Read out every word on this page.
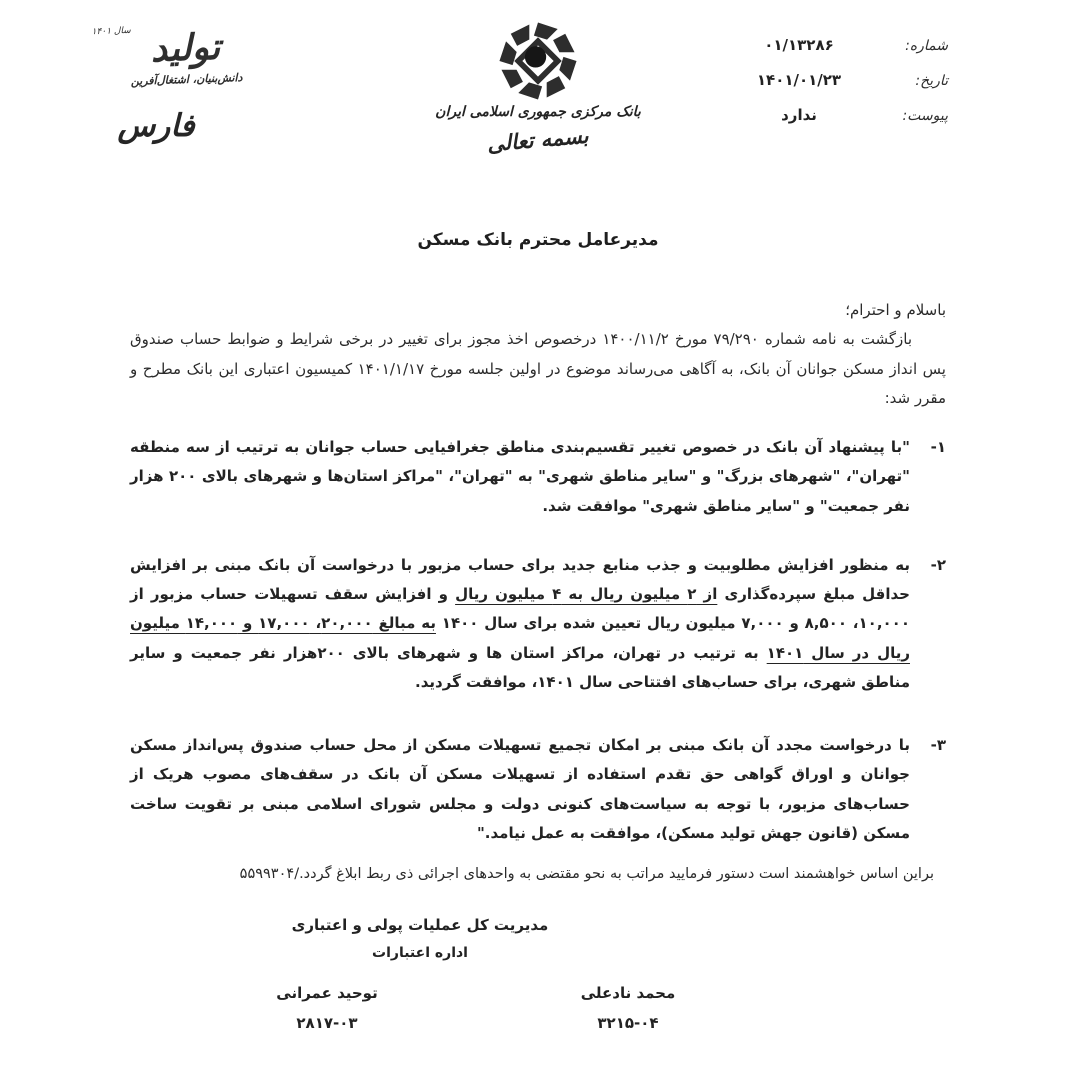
شماره:
۰۱/۱۳۲۸۶
تاریخ:
۱۴۰۱/۰۱/۲۳
پیوست:
ندارد
بانک مرکزی جمهوری اسلامی ایران
بسمه تعالی
سال ۱۴۰۱ تولید
دانش‌بنیان، اشتغال‌آفرین
فارس
مدیرعامل محترم بانک مسکن

باسلام و احترام؛

بازگشت به نامه شماره ۷۹/۲۹۰ مورخ ۱۴۰۰/۱۱/۲ درخصوص اخذ مجوز برای تغییر در برخی شرایط و ضوابط حساب صندوق پس انداز مسکن جوانان آن بانک، به آگاهی می‌رساند موضوع در اولین جلسه مورخ ۱۴۰۱/۱/۱۷ کمیسیون اعتباری این بانک مطرح و مقرر شد:

۱-
"با پیشنهاد آن بانک در خصوص تغییر تقسیم‌بندی مناطق جغرافیایی حساب جوانان به ترتیب از سه منطقه "تهران"، "شهرهای بزرگ" و "سایر مناطق شهری" به "تهران"، "مراکز استان‌ها و شهرهای بالای ۲۰۰ هزار نفر جمعیت" و "سایر مناطق شهری" موافقت شد.
۲-
به منظور افزایش مطلوبیت و جذب منابع جدید برای حساب مزبور با درخواست آن بانک مبنی بر افزایش حداقل مبلغ سپرده‌گذاری از ۲ میلیون ریال به ۴ میلیون ریال و افزایش سقف تسهیلات حساب مزبور از ۱۰,۰۰۰، ۸,۵۰۰ و ۷,۰۰۰ میلیون ریال تعیین شده برای سال ۱۴۰۰ به مبالغ ۲۰,۰۰۰، ۱۷,۰۰۰ و ۱۴,۰۰۰ میلیون ریال در سال ۱۴۰۱ به ترتیب در تهران، مراکز استان ها و شهرهای بالای ۲۰۰هزار نفر جمعیت و سایر مناطق شهری، برای حساب‌های افتتاحی سال ۱۴۰۱، موافقت گردید.
۳-
با درخواست مجدد آن بانک مبنی بر امکان تجمیع تسهیلات مسکن از محل حساب صندوق پس‌انداز مسکن جوانان و اوراق گواهی حق تقدم استفاده از تسهیلات مسکن آن بانک در سقف‌های مصوب هریک از حساب‌های مزبور، با توجه به سیاست‌های کنونی دولت و مجلس شورای اسلامی مبنی بر تقویت ساخت مسکن (قانون جهش تولید مسکن)، موافقت به عمل نیامد."

براین اساس خواهشمند است دستور فرمایید مراتب به نحو مقتضی به واحدهای اجرائی ذی ربط ابلاغ گردد./۵۵۹۹۳۰۴

مدیریت کل عملیات پولی و اعتباری
اداره اعتبارات
محمد نادعلی
۳۲۱۵-۰۴
توحید عمرانی
۲۸۱۷-۰۳
